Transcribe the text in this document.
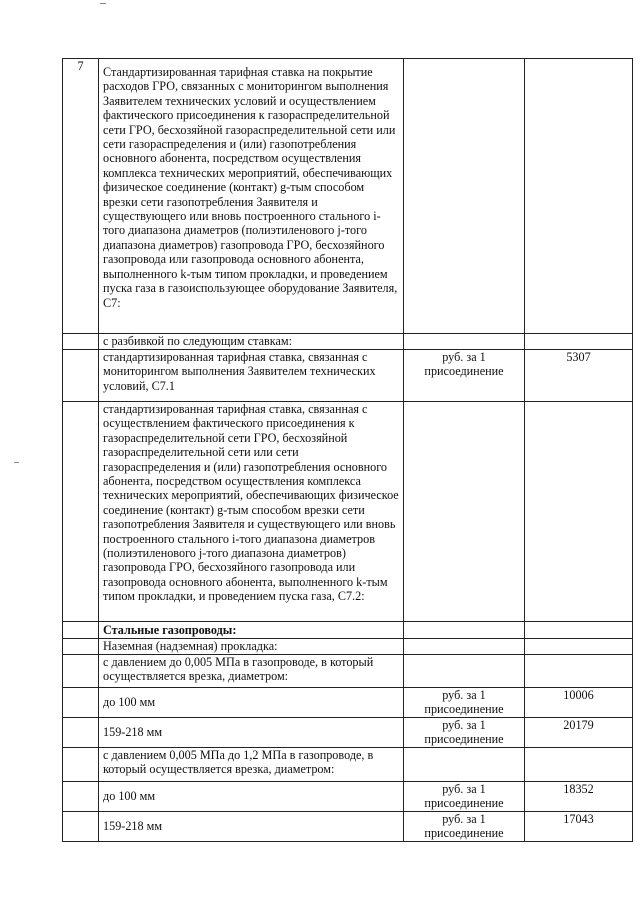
7	Стандартизированная тарифная ставка на покрытие расходов ГРО, связанных с мониторингом выполнения Заявителем технических условий и осуществлением фактического присоединения к газораспределительной сети ГРО, бесхозяйной газораспределительной сети или сети газораспределения и (или) газопотребления основного абонента, посредством осуществления комплекса технических мероприятий, обеспечивающих физическое соединение (контакт) g-тым способом врезки сети газопотребления Заявителя и существующего или вновь построенного стального i-того диапазона диаметров (полиэтиленового j-того диапазона диаметров) газопровода ГРО, бесхозяйного газопровода или газопровода основного абонента, выполненного k-тым типом прокладки, и проведением пуска газа в газоиспользующее оборудование Заявителя, С7:		
	с разбивкой по следующим ставкам:		
	стандартизированная тарифная ставка, связанная с мониторингом выполнения Заявителем технических условий, С7.1	руб. за 1 присоединение	5307
	стандартизированная тарифная ставка, связанная с осуществлением фактического присоединения к газораспределительной сети ГРО, бесхозяйной газораспределительной сети или сети газораспределения и (или) газопотребления основного абонента, посредством осуществления комплекса технических мероприятий, обеспечивающих физическое соединение (контакт) g-тым способом врезки сети газопотребления Заявителя и существующего или вновь построенного стального i-того диапазона диаметров (полиэтиленового j-того диапазона диаметров) газопровода ГРО, бесхозяйного газопровода или газопровода основного абонента, выполненного k-тым типом прокладки, и проведением пуска газа, С7.2:		
	Стальные газопроводы:		
	Наземная (надземная) прокладка:		
	с давлением до 0,005 МПа в газопроводе, в который осуществляется врезка, диаметром:		
	до 100 мм	руб. за 1 присоединение	10006
	159-218 мм	руб. за 1 присоединение	20179
	с давлением 0,005 МПа до 1,2 МПа в газопроводе, в который осуществляется врезка, диаметром:		
	до 100 мм	руб. за 1 присоединение	18352
	159-218 мм	руб. за 1 присоединение	17043
